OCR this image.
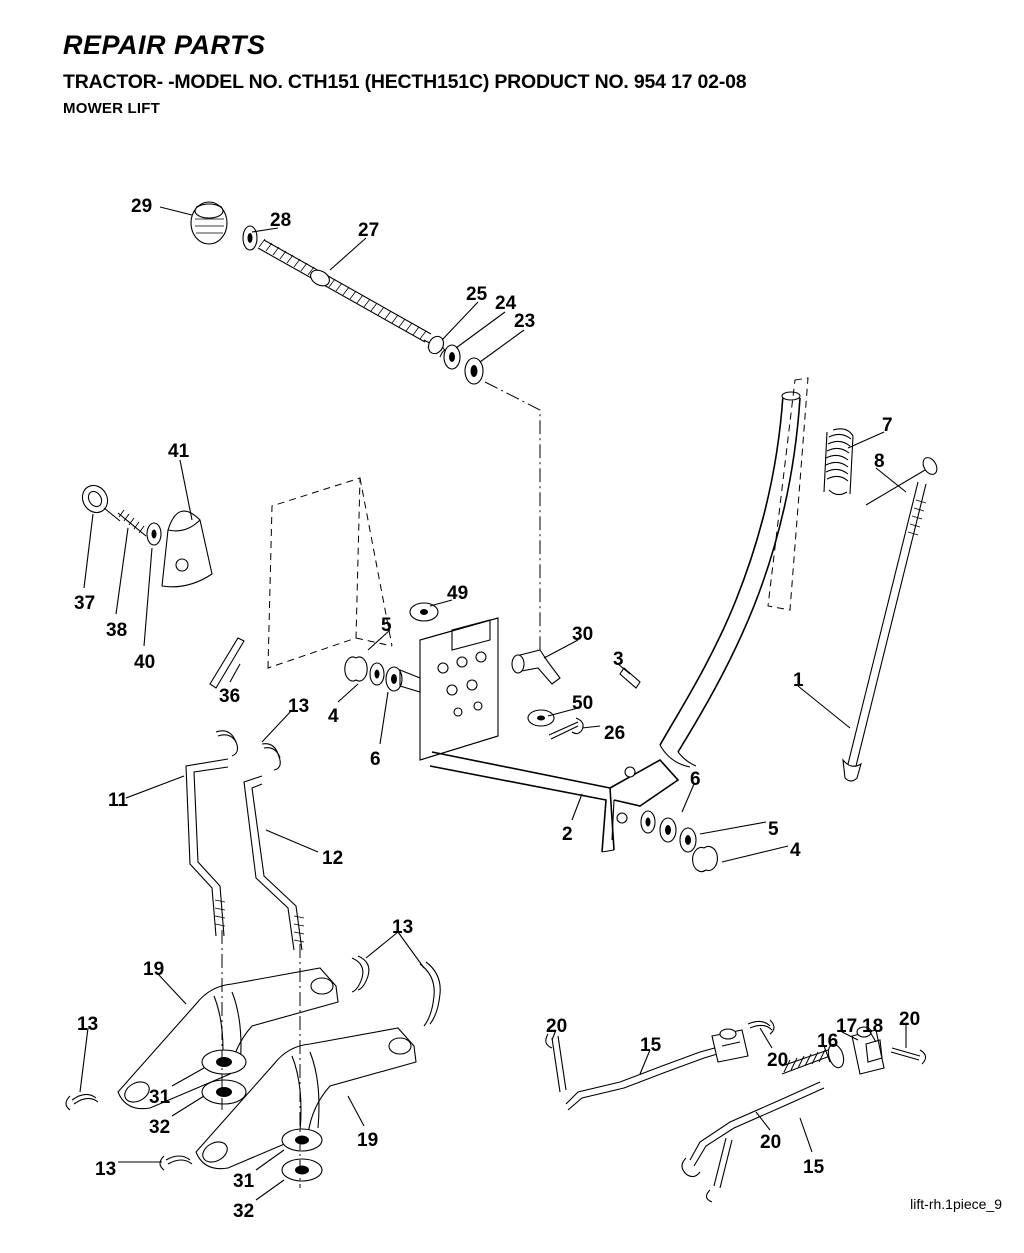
REPAIR PARTS
TRACTOR- -MODEL NO. CTH151 (HECTH151C) PRODUCT NO. 954 17 02-08
MOWER LIFT
29
28	27
25 24
23
7
8
41
37
38
40
49
5	30
3
1
36
4
6
50
26
13
11
12
2
6
5
4
13
19
13	20
15
20
16
17 18 20
31
32
19	20
15
13
31
32	lift-rh.1piece_9
